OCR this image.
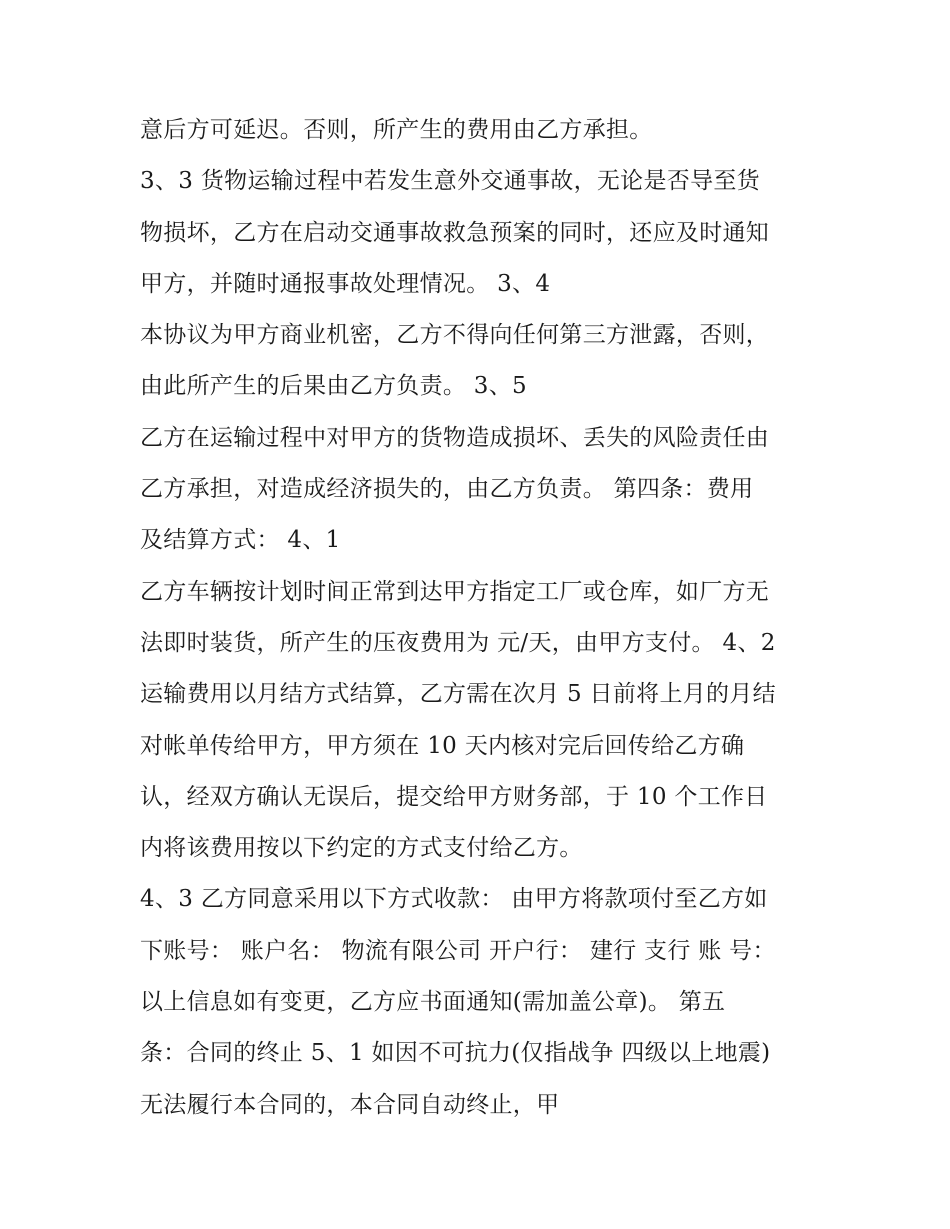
意后方可延迟。否则，所产生的费用由乙方承担。
3、3 货物运输过程中若发生意外交通事故，无论是否导至货
物损坏，乙方在启动交通事故救急预案的同时，还应及时通知
甲方，并随时通报事故处理情况。 3、4
本协议为甲方商业机密，乙方不得向任何第三方泄露，否则，
由此所产生的后果由乙方负责。 3、5
乙方在运输过程中对甲方的货物造成损坏、丢失的风险责任由
乙方承担，对造成经济损失的，由乙方负责。 第四条：费用
及结算方式： 4、1
乙方车辆按计划时间正常到达甲方指定工厂或仓库，如厂方无
法即时装货，所产生的压夜费用为 元/天，由甲方支付。 4、2
运输费用以月结方式结算，乙方需在次月 5 日前将上月的月结
对帐单传给甲方，甲方须在 10 天内核对完后回传给乙方确
认，经双方确认无误后，提交给甲方财务部，于 10 个工作日
内将该费用按以下约定的方式支付给乙方。
4、3 乙方同意采用以下方式收款： 由甲方将款项付至乙方如
下账号： 账户名： 物流有限公司 开户行： 建行 支行 账 号：
以上信息如有变更，乙方应书面通知(需加盖公章)。 第五
条：合同的终止 5、1 如因不可抗力(仅指战争 四级以上地震)
无法履行本合同的，本合同自动终止，甲
